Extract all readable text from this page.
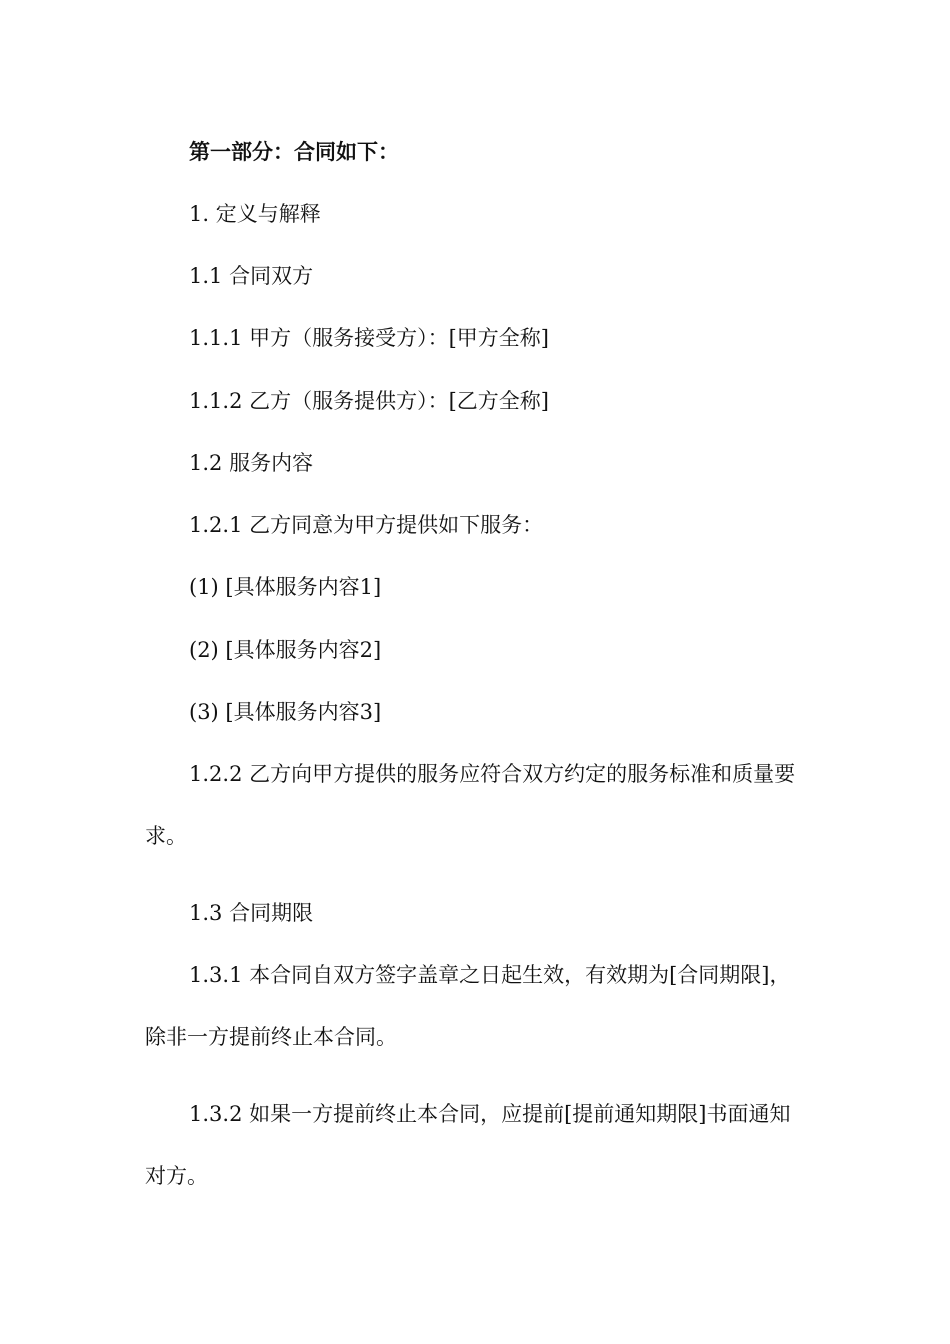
第一部分：合同如下：

1. 定义与解释

1.1 合同双方

1.1.1 甲方（服务接受方）：[甲方全称]

1.1.2 乙方（服务提供方）：[乙方全称]

1.2 服务内容

1.2.1 乙方同意为甲方提供如下服务：

(1) [具体服务内容1]

(2) [具体服务内容2]

(3) [具体服务内容3]

1.2.2 乙方向甲方提供的服务应符合双方约定的服务标准和质量要求。

1.3 合同期限

1.3.1 本合同自双方签字盖章之日起生效，有效期为[合同期限]，除非一方提前终止本合同。

1.3.2 如果一方提前终止本合同，应提前[提前通知期限]书面通知对方。
